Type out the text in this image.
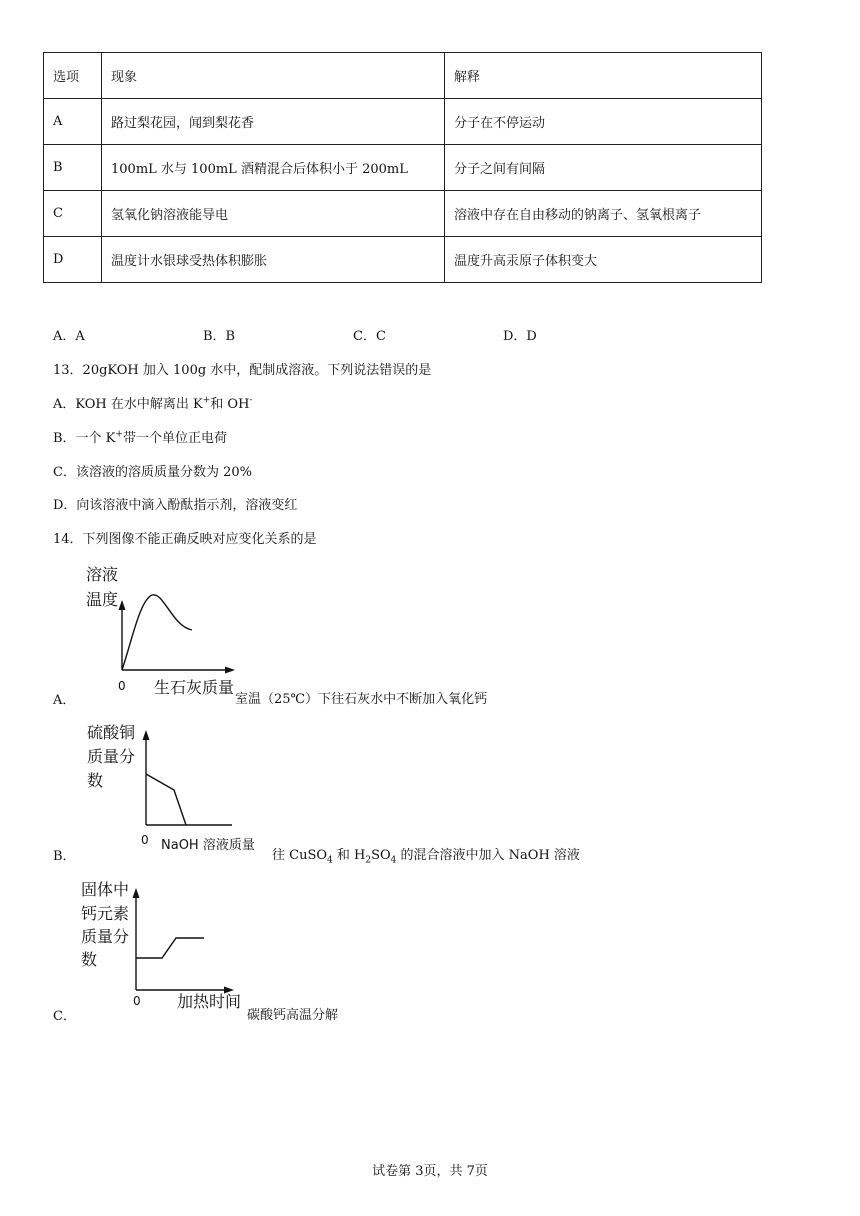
选项	现象	解释
A	路过梨花园，闻到梨花香	分子在不停运动
B	100mL 水与 100mL 酒精混合后体积小于 200mL	分子之间有间隔
C	氢氧化钠溶液能导电	溶液中存在自由移动的钠离子、氢氧根离子
D	温度计水银球受热体积膨胀	温度升高汞原子体积变大
A．A	B．B	C．C	D．D
13．20gKOH 加入 100g 水中，配制成溶液。下列说法错误的是
A．KOH 在水中解离出 K+和 OH-
B．一个 K+带一个单位正电荷
C．该溶液的溶质质量分数为 20%
D．向该溶液中滴入酚酞指示剂，溶液变红
14．下列图像不能正确反映对应变化关系的是
A．
溶液
温度
0 生石灰质量
室温（25℃）下往石灰水中不断加入氧化钙
B．
硫酸铜
质量分
数
0 NaOH 溶液质量
往 CuSO$_4$ 和 $H_2SO_4$ 的混合溶液中加入 NaOH 溶液
C．
固体中
钙元素
质量分
数
0 加热时间
碳酸钙高温分解
试卷第 3页，共 7页
